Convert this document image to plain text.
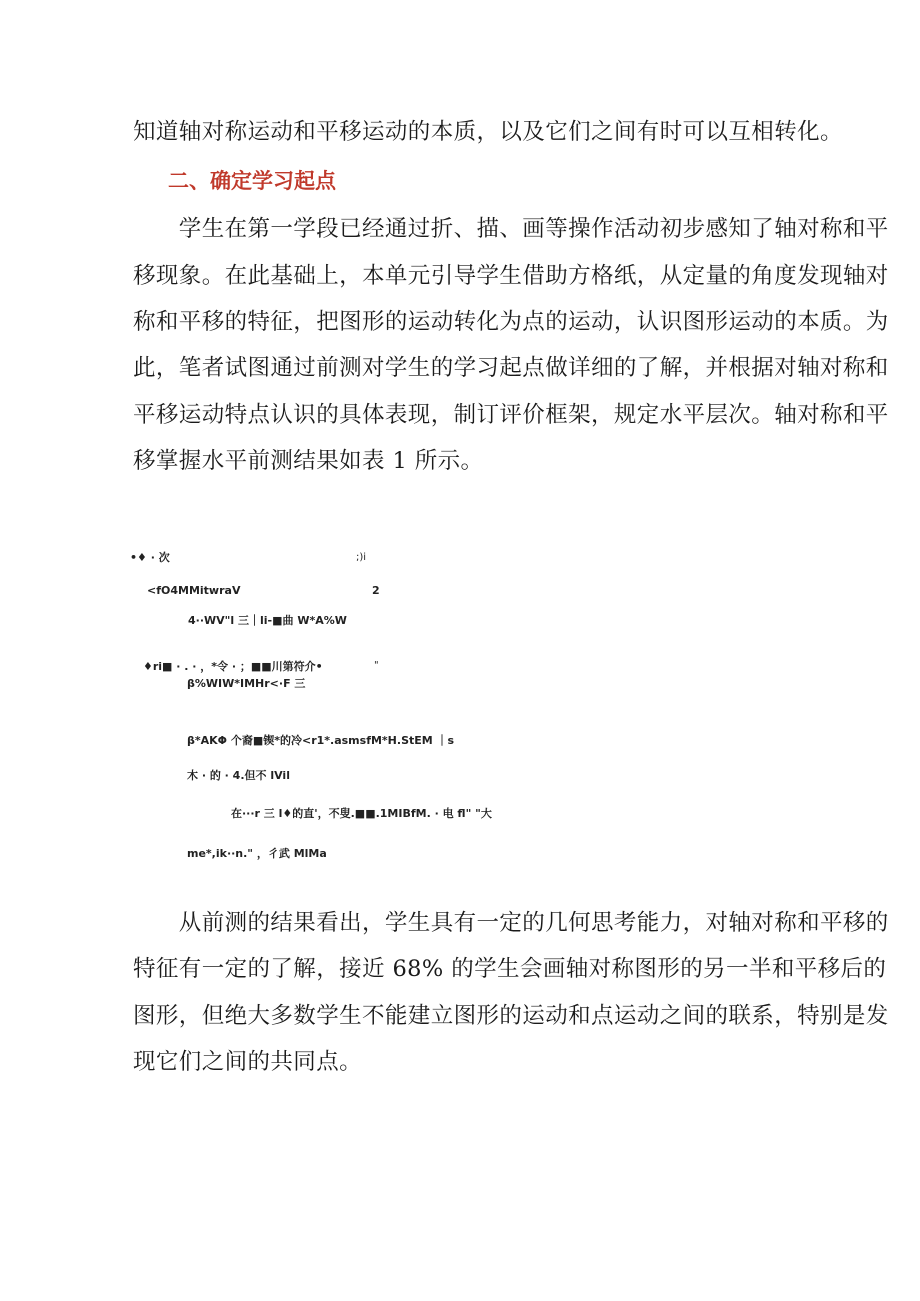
知道轴对称运动和平移运动的本质，以及它们之间有时可以互相转化。
二、确定学习起点
　　学生在第一学段已经通过折、描、画等操作活动初步感知了轴对称和平
移现象。在此基础上，本单元引导学生借助方格纸，从定量的角度发现轴对
称和平移的特征，把图形的运动转化为点的运动，认识图形运动的本质。为
此，笔者试图通过前测对学生的学习起点做详细的了解，并根据对轴对称和
平移运动特点认识的具体表现，制订评价框架，规定水平层次。轴对称和平
移掌握水平前测结果如表 1 所示。
•♦ · 次	;)i
<fO4MMitwraV	2
4··WV"l 三｜li-■曲 W*A%W
♦ri■ · . · ，*令 · ；■■川第符介•	"
β%WIW*IMHr<·F 三
β*AKΦ 个裔■锲*的冷<r1*.asmsfM*H.StEM ｜s
木 · 的 · 4.但不 lVil
在···r 三 l♦的直'，不叟.■■.1MIBfM. · 电 fl" "大
me*,ik··n." ，彳武 MlMa
　　从前测的结果看出，学生具有一定的几何思考能力，对轴对称和平移的
特征有一定的了解，接近 68% 的学生会画轴对称图形的另一半和平移后的
图形，但绝大多数学生不能建立图形的运动和点运动之间的联系，特别是发
现它们之间的共同点。
